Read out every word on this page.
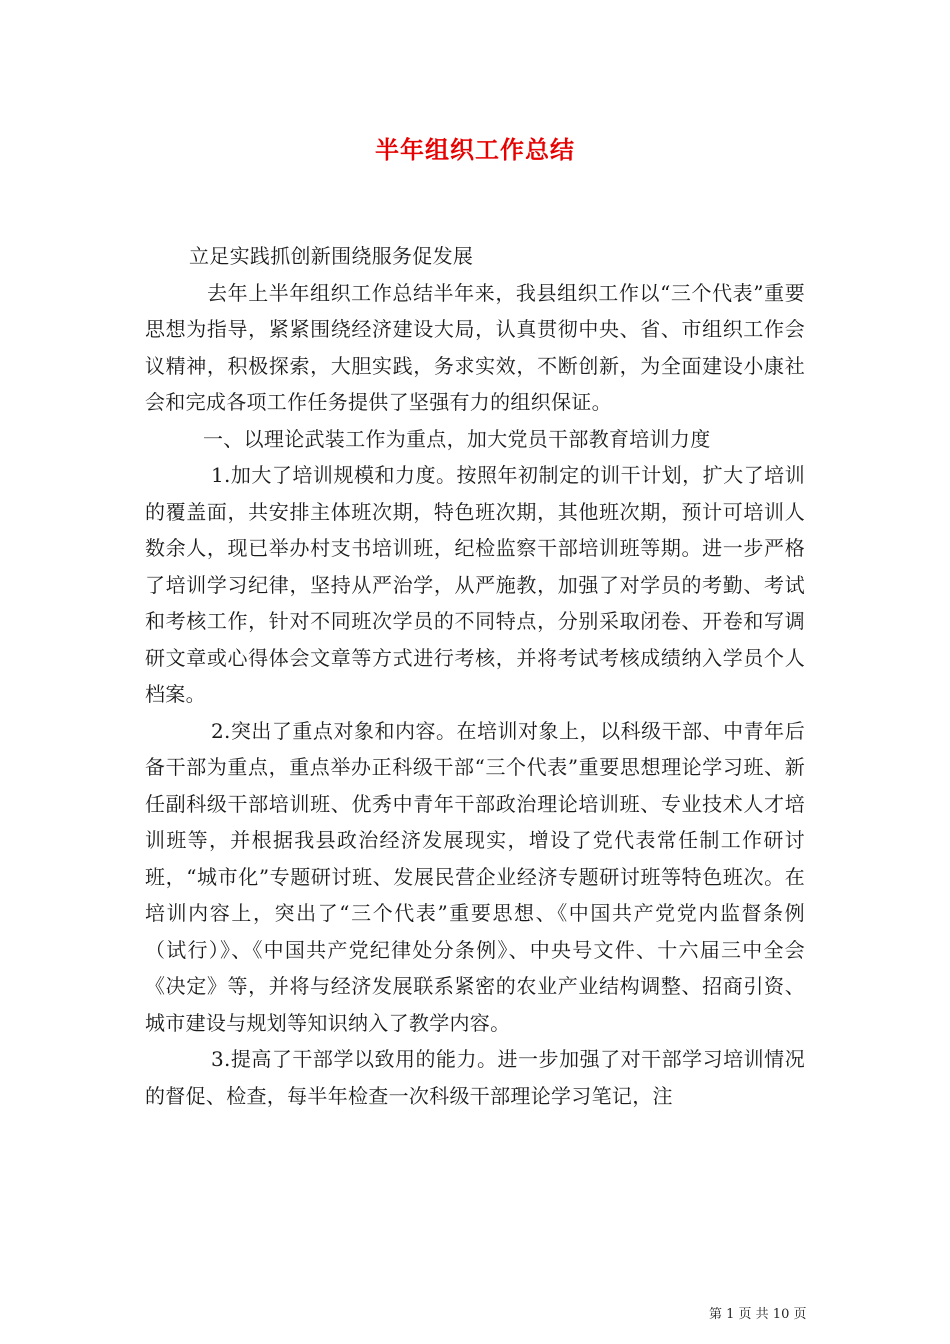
半年组织工作总结

立足实践抓创新围绕服务促发展

去年上半年组织工作总结半年来，我县组织工作以“三个代表”重要思想为指导，紧紧围绕经济建设大局，认真贯彻中央、省、市组织工作会议精神，积极探索，大胆实践，务求实效，不断创新，为全面建设小康社会和完成各项工作任务提供了坚强有力的组织保证。

一、以理论武装工作为重点，加大党员干部教育培训力度

1.加大了培训规模和力度。按照年初制定的训干计划，扩大了培训的覆盖面，共安排主体班次期，特色班次期，其他班次期，预计可培训人数余人，现已举办村支书培训班，纪检监察干部培训班等期。进一步严格了培训学习纪律，坚持从严治学，从严施教，加强了对学员的考勤、考试和考核工作，针对不同班次学员的不同特点，分别采取闭卷、开卷和写调研文章或心得体会文章等方式进行考核，并将考试考核成绩纳入学员个人档案。

2.突出了重点对象和内容。在培训对象上，以科级干部、中青年后备干部为重点，重点举办正科级干部“三个代表”重要思想理论学习班、新任副科级干部培训班、优秀中青年干部政治理论培训班、专业技术人才培训班等，并根据我县政治经济发展现实，增设了党代表常任制工作研讨班，“城市化”专题研讨班、发展民营企业经济专题研讨班等特色班次。在培训内容上，突出了“三个代表”重要思想、《中国共产党党内监督条例（试行）》、《中国共产党纪律处分条例》、中央号文件、十六届三中全会《决定》等，并将与经济发展联系紧密的农业产业结构调整、招商引资、城市建设与规划等知识纳入了教学内容。

3.提高了干部学以致用的能力。进一步加强了对干部学习培训情况的督促、检查，每半年检查一次科级干部理论学习笔记，注

第 1 页 共 10 页
